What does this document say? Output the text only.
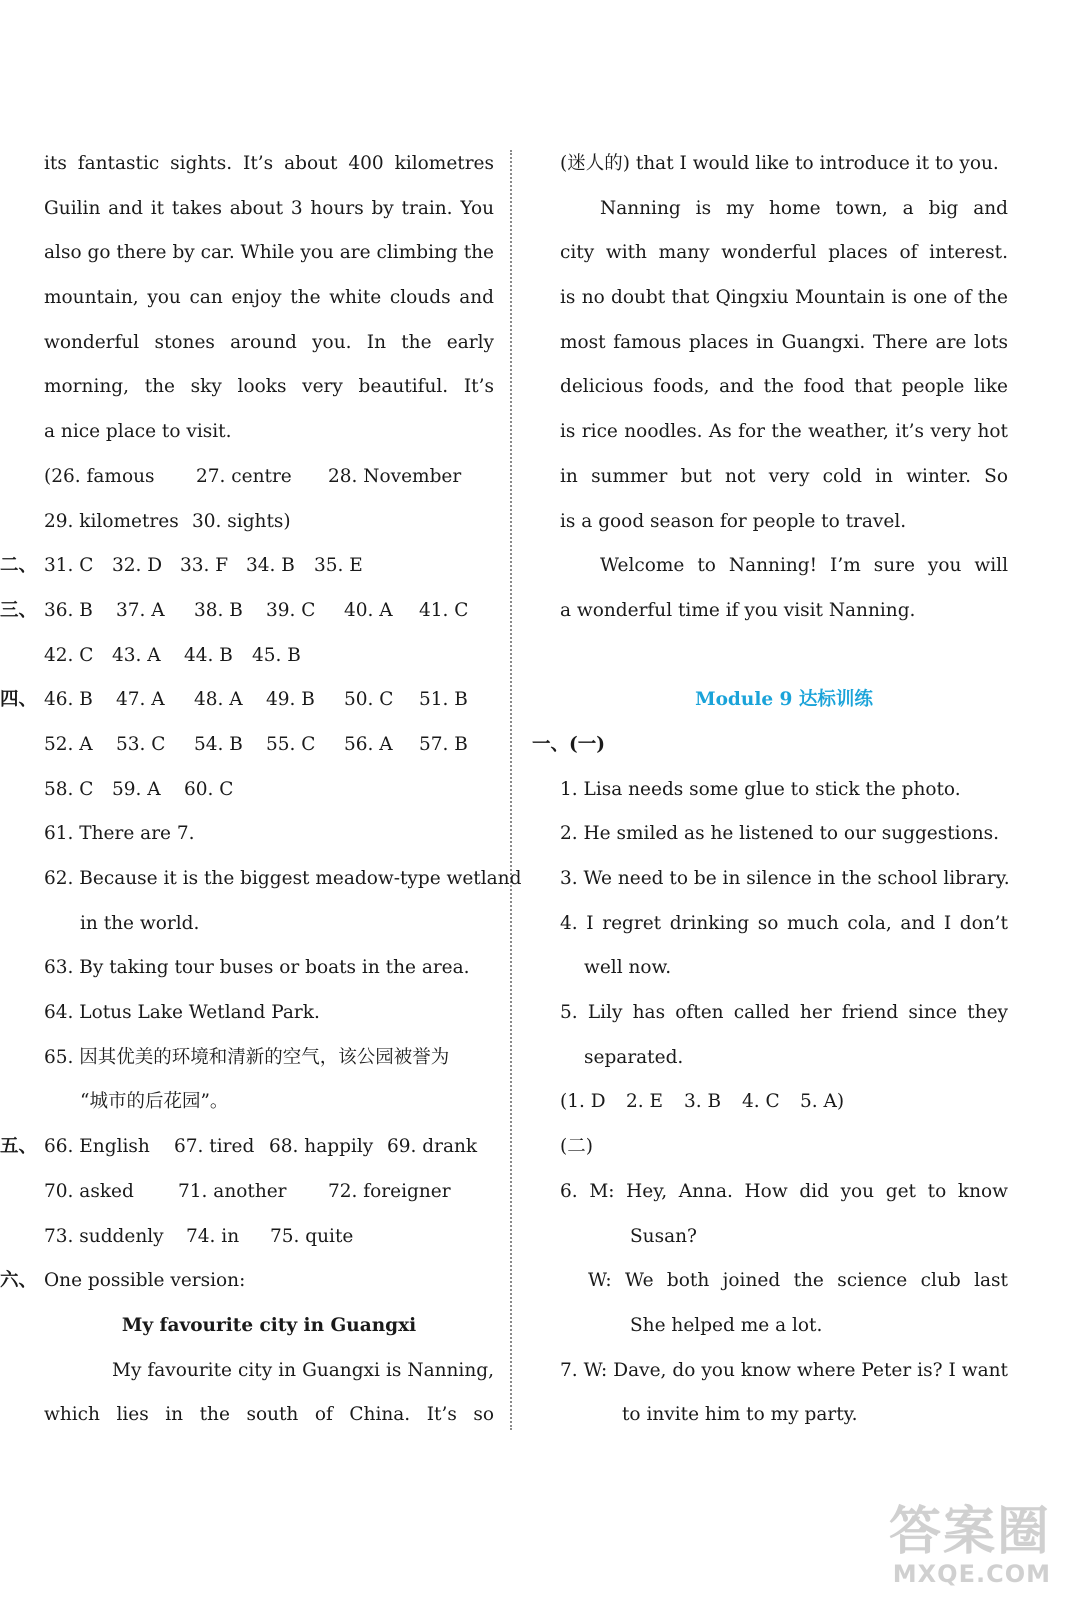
its fantastic sights. It’s about 400 kilometres
Guilin and it takes about 3 hours by train. You
also go there by car. While you are climbing the
mountain, you can enjoy the white clouds and
wonderful stones around you. In the early
morning, the sky looks very beautiful. It’s
a nice place to visit.
(26. famous 27. centre 28. November
29. kilometres 30. sights)
二、 31. C 32. D 33. F 34. B 35. E
三、 36. B 37. A 38. B 39. C 40. A 41. C
42. C 43. A 44. B 45. B
四、 46. B 47. A 48. A 49. B 50. C 51. B
52. A 53. C 54. B 55. C 56. A 57. B
58. C 59. A 60. C
61. There are 7.
62. Because it is the biggest meadow-type wetland
in the world.
63. By taking tour buses or boats in the area.
64. Lotus Lake Wetland Park.
65. 因其优美的环境和清新的空气，该公园被誉为
“城市的后花园”。
五、 66. English 67. tired 68. happily 69. drank
70. asked 71. another 72. foreigner
73. suddenly 74. in 75. quite
六、 One possible version:
My favourite city in Guangxi
My favourite city in Guangxi is Nanning,
which lies in the south of China. It’s so
(迷人的) that I would like to introduce it to you.
Nanning is my home town, a big and
city with many wonderful places of interest.
is no doubt that Qingxiu Mountain is one of the
most famous places in Guangxi. There are lots
delicious foods, and the food that people like
is rice noodles. As for the weather, it’s very hot
in summer but not very cold in winter. So
is a good season for people to travel.
Welcome to Nanning! I’m sure you will
a wonderful time if you visit Nanning.
Module 9 达标训练
一、(一)
1. Lisa needs some glue to stick the photo.
2. He smiled as he listened to our suggestions.
3. We need to be in silence in the school library.
4. I regret drinking so much cola, and I don’t
well now.
5. Lily has often called her friend since they
separated.
(1. D 2. E 3. B 4. C 5. A)
(二)
6. M: Hey, Anna. How did you get to know
Susan?
W: We both joined the science club last
She helped me a lot.
7. W: Dave, do you know where Peter is? I want
to invite him to my party.
答案圈
MXQE.COM
